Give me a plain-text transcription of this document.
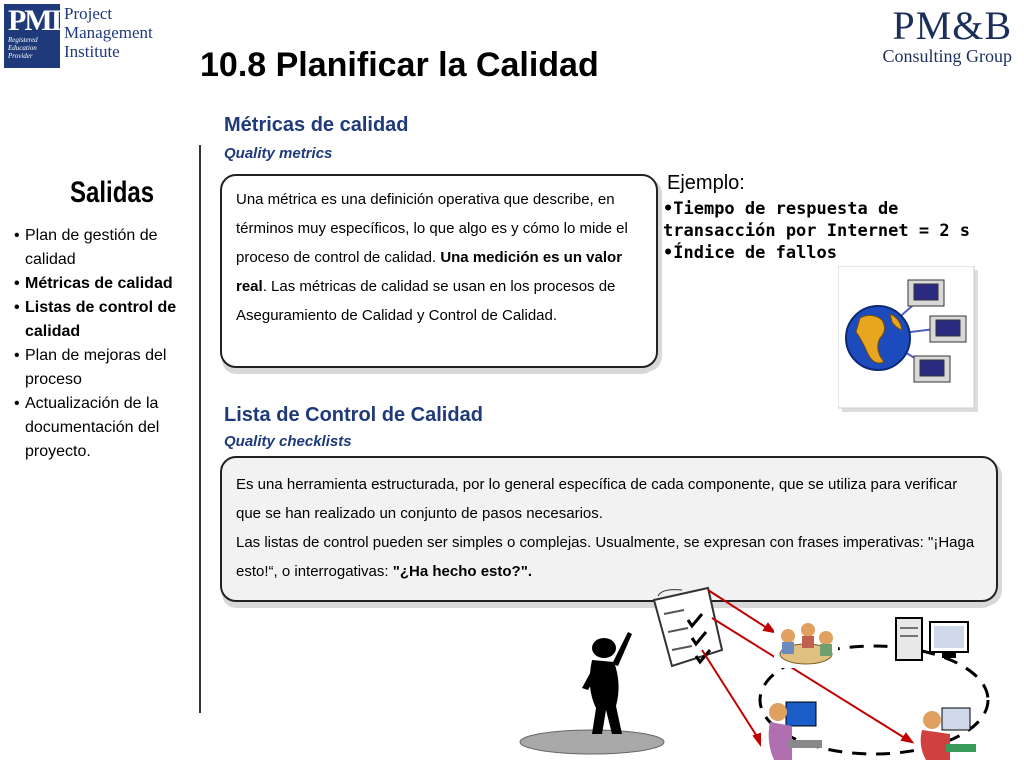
PMI
Registered
Education
Provider
Project
Management
Institute
PM&B
Consulting Group
10.8 Planificar la Calidad
Salidas
• Plan de gestión de calidad
• Métricas de calidad
• Listas de control de calidad
• Plan de mejoras del proceso
• Actualización de la documentación del proyecto.
Métricas de calidad
Quality metrics
Una métrica es una definición operativa que describe, en términos muy específicos, lo que algo es y cómo lo mide el proceso de control de calidad. Una medición es un valor real. Las métricas de calidad se usan en los procesos de Aseguramiento de Calidad y Control de Calidad.
Ejemplo:
• Tiempo de respuesta de transacción por Internet = 2 s
• Índice de fallos
Lista de Control de Calidad
Quality checklists
Es una herramienta estructurada, por lo general específica de cada componente, que se utiliza para verificar que se han realizado un conjunto de pasos necesarios.
Las listas de control pueden ser simples o complejas. Usualmente, se expresan con frases imperativas: "¡Haga esto!“, o interrogativas: "¿Ha hecho esto?".
